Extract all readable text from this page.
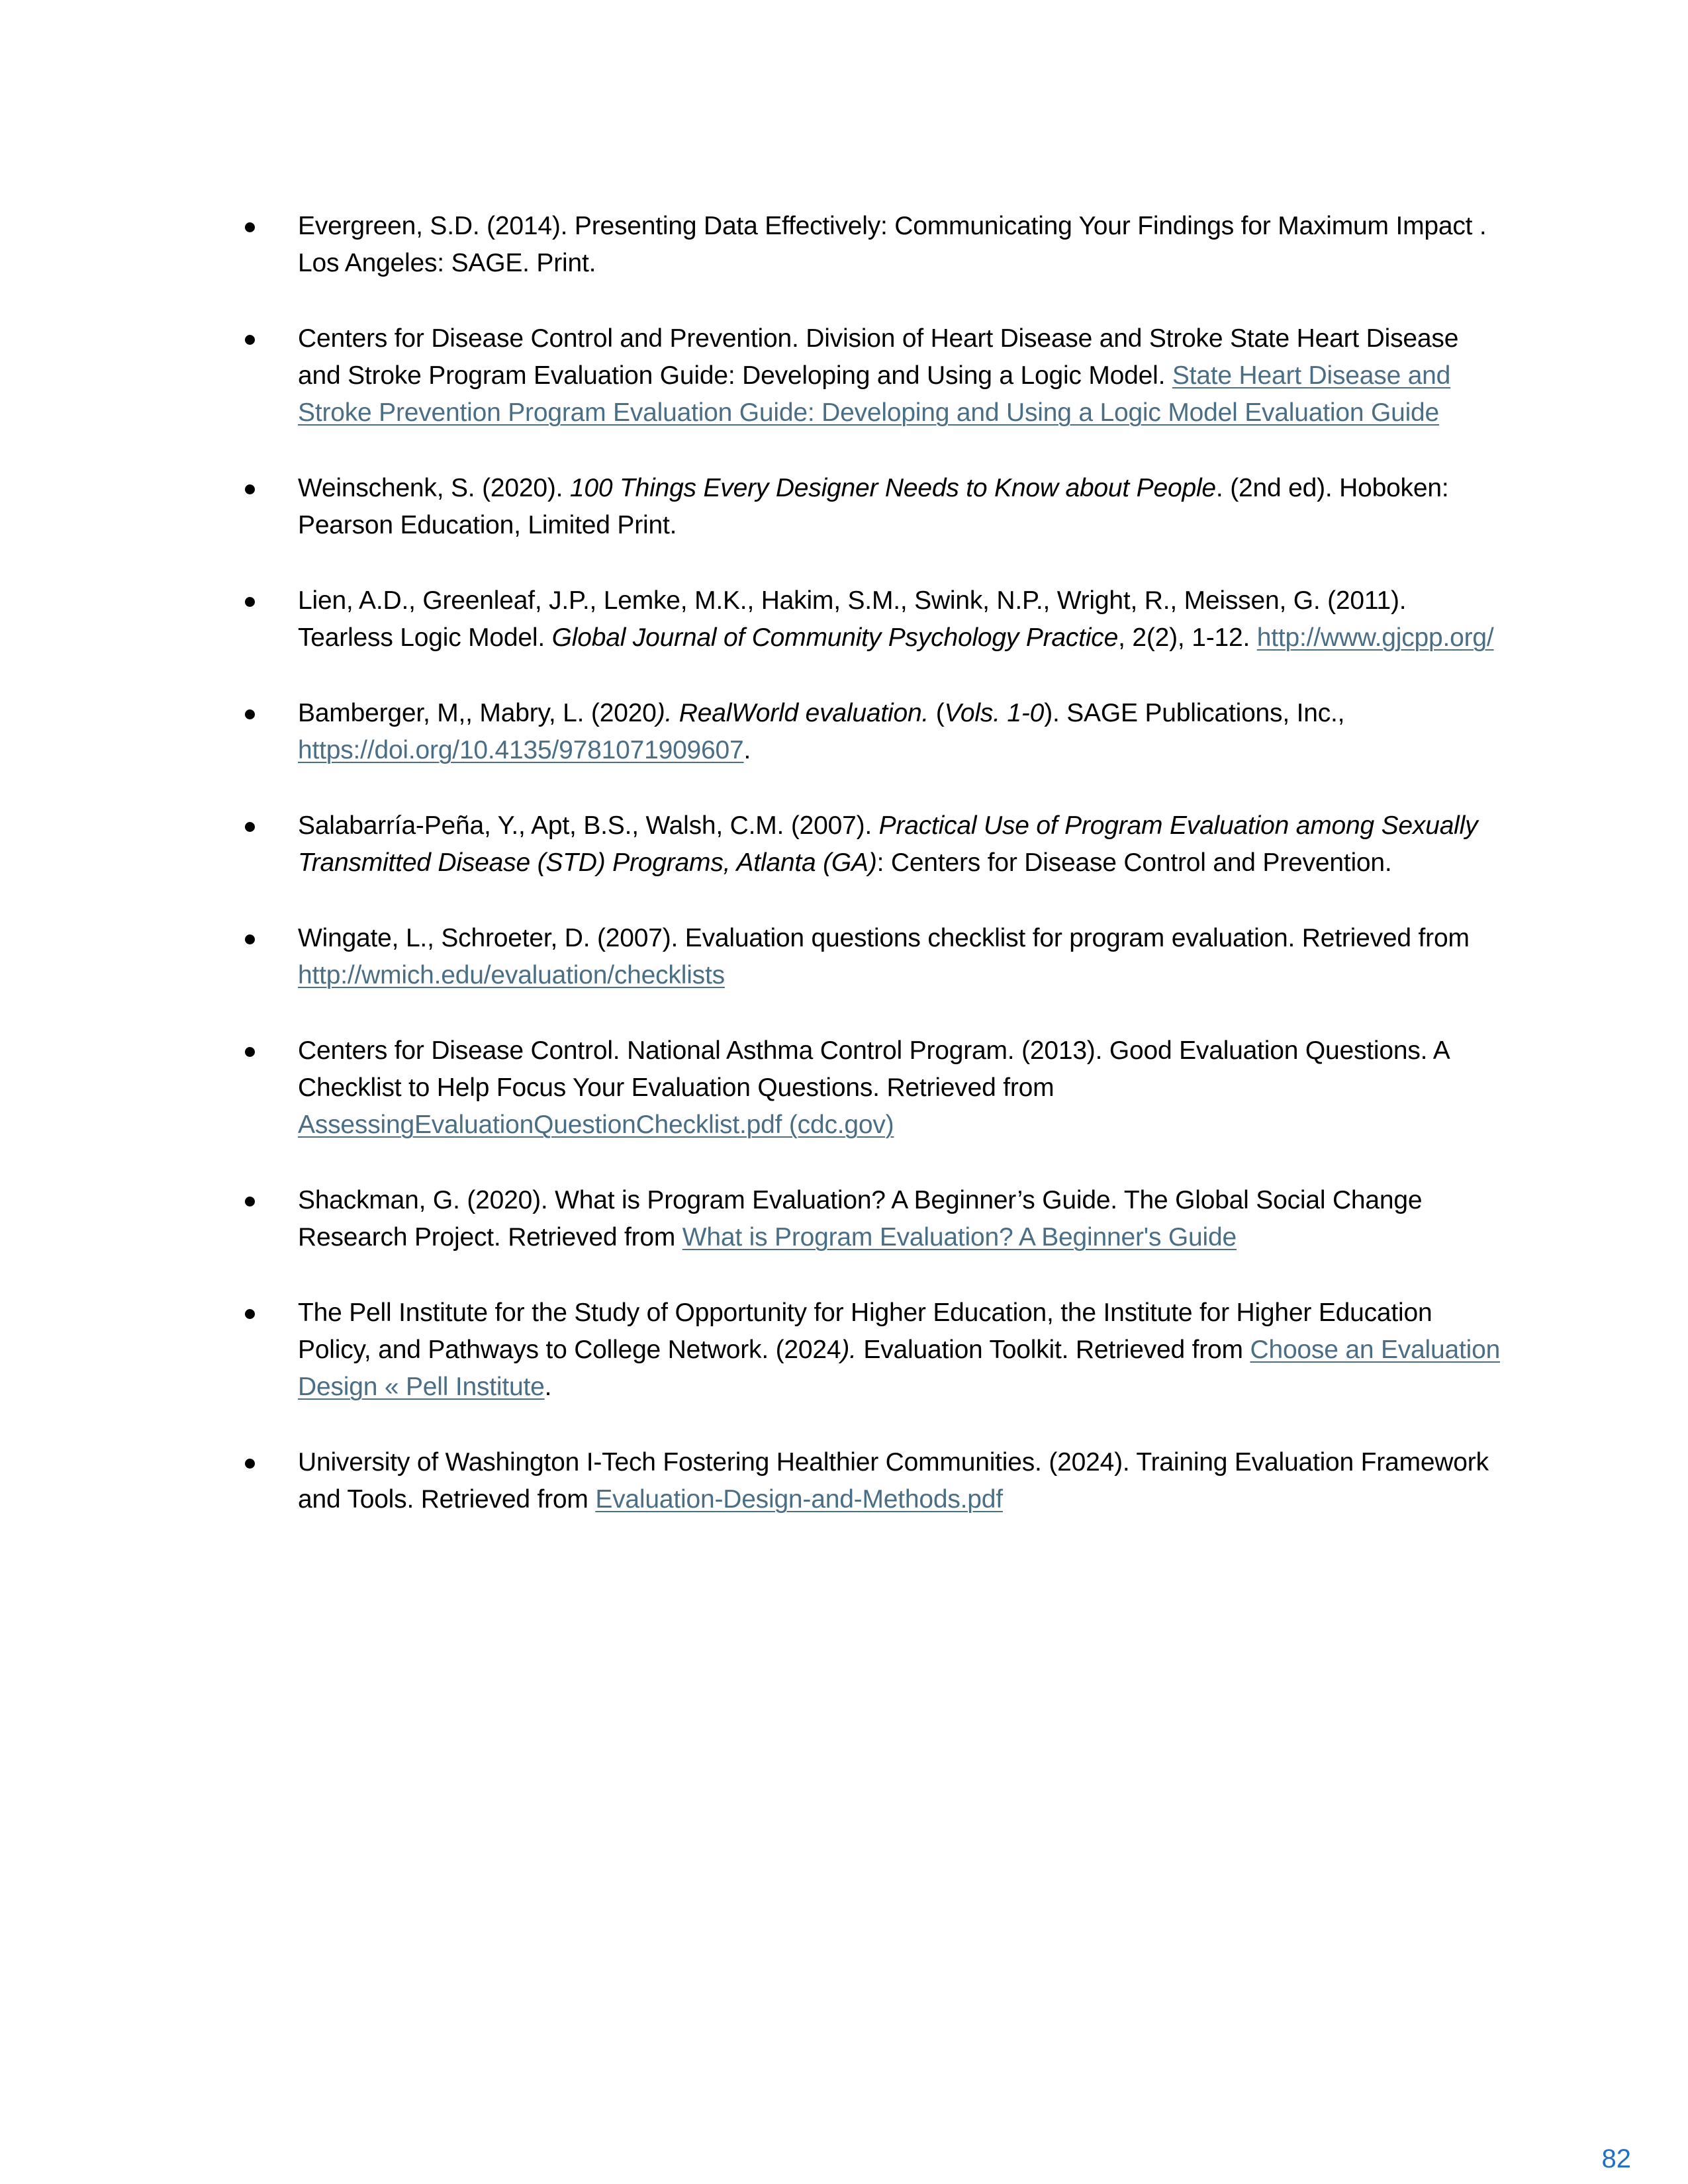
Evergreen, S.D. (2014). Presenting Data Effectively: Communicating Your Findings for Maximum Impact . Los Angeles: SAGE. Print.
Centers for Disease Control and Prevention. Division of Heart Disease and Stroke State Heart Disease and Stroke Program Evaluation Guide: Developing and Using a Logic Model. State Heart Disease and Stroke Prevention Program Evaluation Guide: Developing and Using a Logic Model Evaluation Guide
Weinschenk, S. (2020). 100 Things Every Designer Needs to Know about People. (2nd ed). Hoboken: Pearson Education, Limited Print.
Lien, A.D., Greenleaf, J.P., Lemke, M.K., Hakim, S.M., Swink, N.P., Wright, R., Meissen, G. (2011). Tearless Logic Model. Global Journal of Community Psychology Practice, 2(2), 1-12. http://www.gjcpp.org/
Bamberger, M,, Mabry, L. (2020). RealWorld evaluation. (Vols. 1-0). SAGE Publications, Inc., https://doi.org/10.4135/9781071909607.
Salabarría-Peña, Y., Apt, B.S., Walsh, C.M. (2007). Practical Use of Program Evaluation among Sexually Transmitted Disease (STD) Programs, Atlanta (GA): Centers for Disease Control and Prevention.
Wingate, L., Schroeter, D. (2007). Evaluation questions checklist for program evaluation. Retrieved from http://wmich.edu/evaluation/checklists
Centers for Disease Control. National Asthma Control Program. (2013). Good Evaluation Questions. A Checklist to Help Focus Your Evaluation Questions. Retrieved from AssessingEvaluationQuestionChecklist.pdf (cdc.gov)
Shackman, G. (2020). What is Program Evaluation? A Beginner’s Guide. The Global Social Change Research Project. Retrieved from What is Program Evaluation? A Beginner's Guide
The Pell Institute for the Study of Opportunity for Higher Education, the Institute for Higher Education Policy, and Pathways to College Network. (2024). Evaluation Toolkit. Retrieved from Choose an Evaluation Design « Pell Institute.
University of Washington I-Tech Fostering Healthier Communities. (2024). Training Evaluation Framework and Tools. Retrieved from Evaluation-Design-and-Methods.pdf
82
